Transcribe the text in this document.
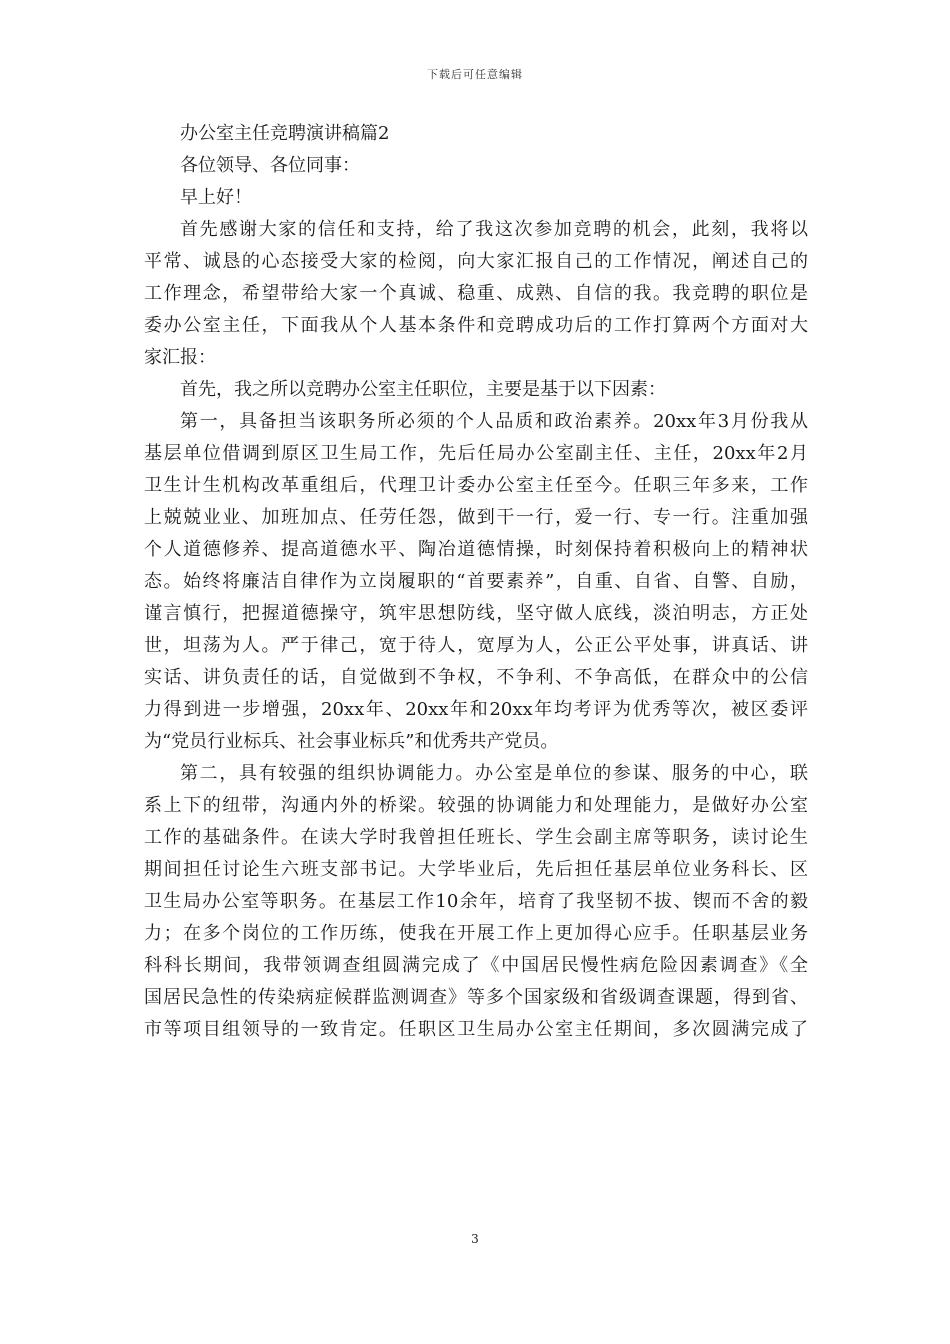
下载后可任意编辑
办公室主任竞聘演讲稿篇2
各位领导、各位同事：
早上好！
首先感谢大家的信任和支持，给了我这次参加竞聘的机会，此刻，我将以
平常、诚恳的心态接受大家的检阅，向大家汇报自己的工作情况，阐述自己的
工作理念，希望带给大家一个真诚、稳重、成熟、自信的我。我竞聘的职位是
委办公室主任，下面我从个人基本条件和竞聘成功后的工作打算两个方面对大
家汇报：
首先，我之所以竞聘办公室主任职位，主要是基于以下因素：
第一，具备担当该职务所必须的个人品质和政治素养。20xx年3月份我从
基层单位借调到原区卫生局工作，先后任局办公室副主任、主任，20xx年2月
卫生计生机构改革重组后，代理卫计委办公室主任至今。任职三年多来，工作
上兢兢业业、加班加点、任劳任怨，做到干一行，爱一行、专一行。注重加强
个人道德修养、提高道德水平、陶冶道德情操，时刻保持着积极向上的精神状
态。始终将廉洁自律作为立岗履职的“首要素养”，自重、自省、自警、自励，
谨言慎行，把握道德操守，筑牢思想防线，坚守做人底线，淡泊明志，方正处
世，坦荡为人。严于律己，宽于待人，宽厚为人，公正公平处事，讲真话、讲
实话、讲负责任的话，自觉做到不争权，不争利、不争高低，在群众中的公信
力得到进一步增强，20xx年、20xx年和20xx年均考评为优秀等次，被区委评
为“党员行业标兵、社会事业标兵”和优秀共产党员。
第二，具有较强的组织协调能力。办公室是单位的参谋、服务的中心，联
系上下的纽带，沟通内外的桥梁。较强的协调能力和处理能力，是做好办公室
工作的基础条件。在读大学时我曾担任班长、学生会副主席等职务，读讨论生
期间担任讨论生六班支部书记。大学毕业后，先后担任基层单位业务科长、区
卫生局办公室等职务。在基层工作10余年，培育了我坚韧不拔、锲而不舍的毅
力；在多个岗位的工作历练，使我在开展工作上更加得心应手。任职基层业务
科科长期间，我带领调查组圆满完成了《中国居民慢性病危险因素调查》《全
国居民急性的传染病症候群监测调查》等多个国家级和省级调查课题，得到省、
市等项目组领导的一致肯定。任职区卫生局办公室主任期间，多次圆满完成了
3
